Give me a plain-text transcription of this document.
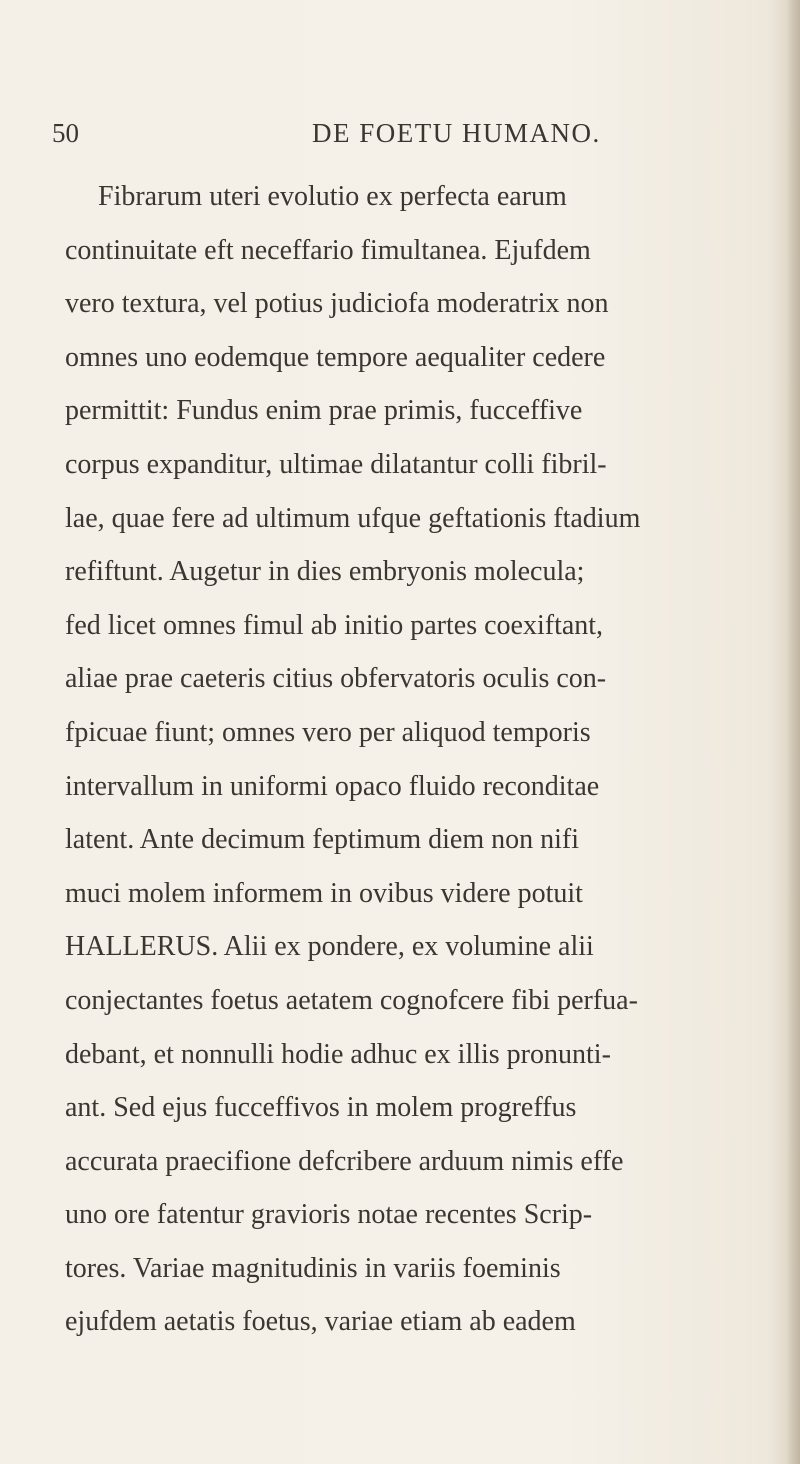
50	DE FOETU HUMANO.
Fibrarum uteri evolutio ex perfecta earum
continuitate eft neceffario fimultanea. Ejufdem
vero textura, vel potius judiciofa moderatrix non
omnes uno eodemque tempore aequaliter cedere
permittit: Fundus enim prae primis, fucceffive
corpus expanditur, ultimae dilatantur colli fibril-
lae, quae fere ad ultimum ufque geftationis ftadium
refiftunt. Augetur in dies embryonis molecula;
fed licet omnes fimul ab initio partes coexiftant,
aliae prae caeteris citius obfervatoris oculis con-
fpicuae fiunt; omnes vero per aliquod temporis
intervallum in uniformi opaco fluido reconditae
latent. Ante decimum feptimum diem non nifi
muci molem informem in ovibus videre potuit
HALLERUS. Alii ex pondere, ex volumine alii
conjectantes foetus aetatem cognofcere fibi perfua-
debant, et nonnulli hodie adhuc ex illis pronunti-
ant. Sed ejus fucceffivos in molem progreffus
accurata praecifione defcribere arduum nimis effe
uno ore fatentur gravioris notae recentes Scrip-
tores. Variae magnitudinis in variis foeminis
ejufdem aetatis foetus, variae etiam ab eadem
